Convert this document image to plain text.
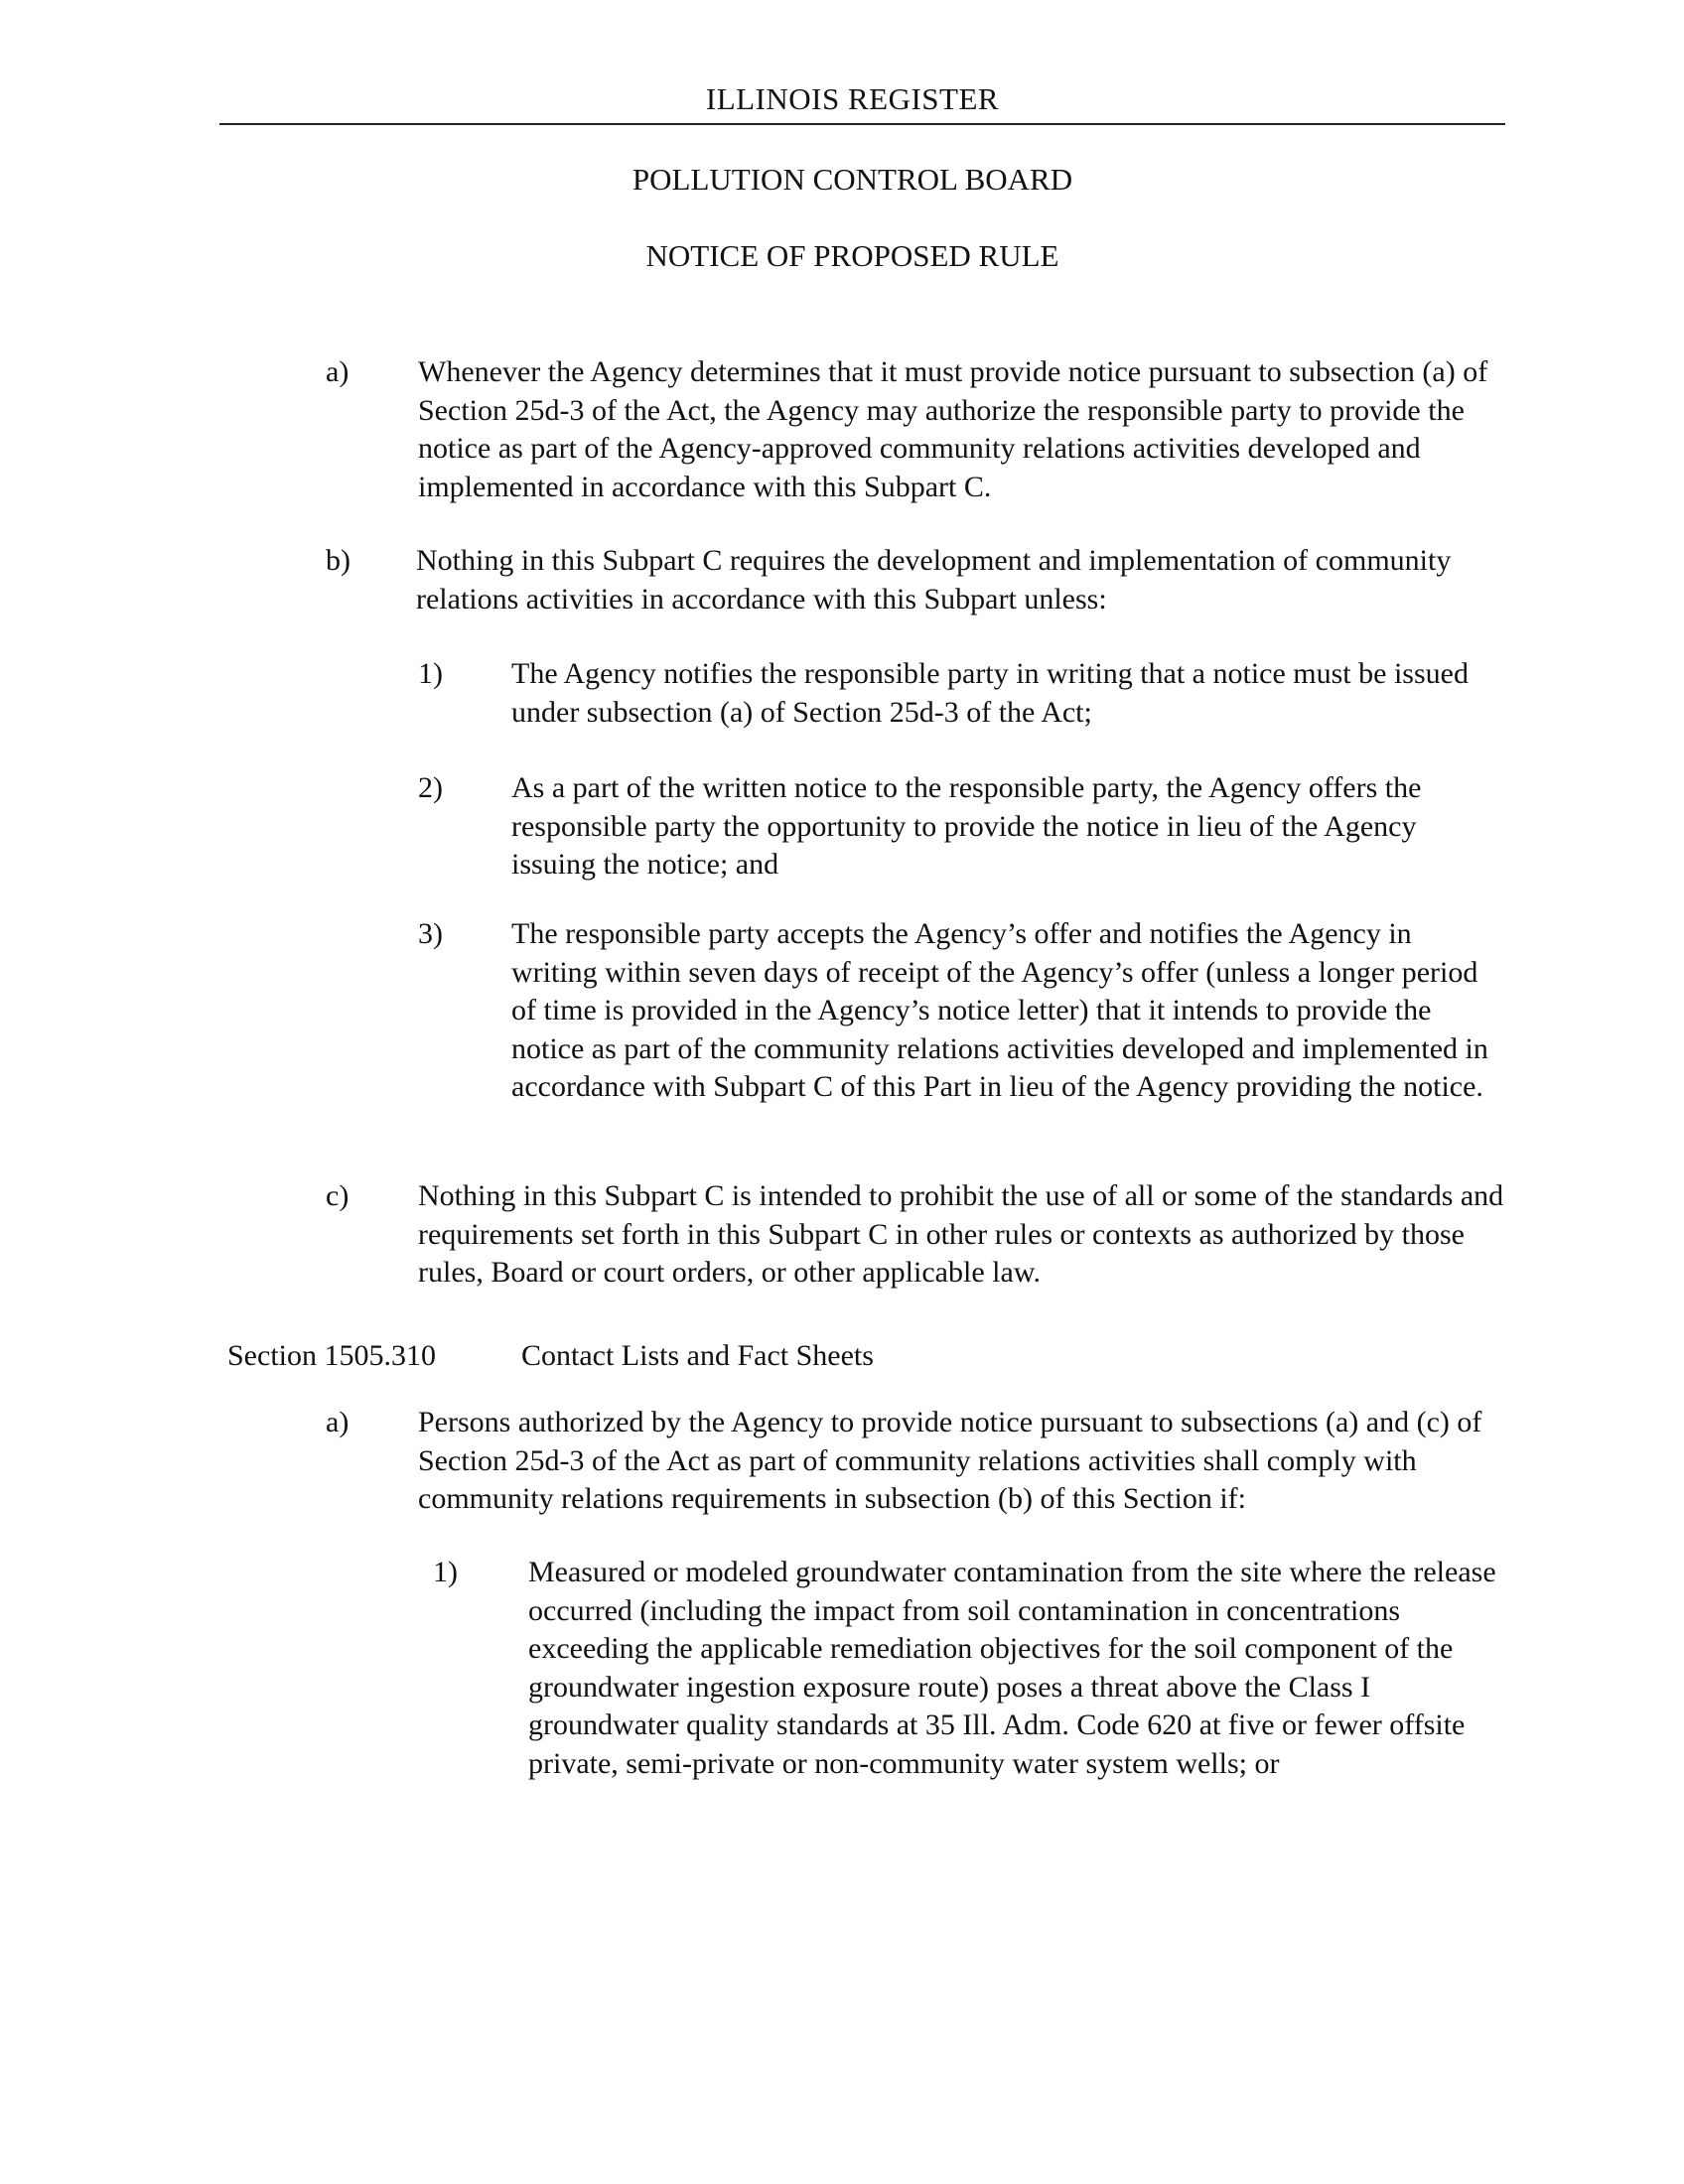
ILLINOIS REGISTER
POLLUTION CONTROL BOARD
NOTICE OF PROPOSED RULE
a) Whenever the Agency determines that it must provide notice pursuant to subsection (a) of Section 25d-3 of the Act, the Agency may authorize the responsible party to provide the notice as part of the Agency-approved community relations activities developed and implemented in accordance with this Subpart C.
b) Nothing in this Subpart C requires the development and implementation of community relations activities in accordance with this Subpart unless:
1) The Agency notifies the responsible party in writing that a notice must be issued under subsection (a) of Section 25d-3 of the Act;
2) As a part of the written notice to the responsible party, the Agency offers the responsible party the opportunity to provide the notice in lieu of the Agency issuing the notice; and
3) The responsible party accepts the Agency’s offer and notifies the Agency in writing within seven days of receipt of the Agency’s offer (unless a longer period of time is provided in the Agency’s notice letter) that it intends to provide the notice as part of the community relations activities developed and implemented in accordance with Subpart C of this Part in lieu of the Agency providing the notice.
c) Nothing in this Subpart C is intended to prohibit the use of all or some of the standards and requirements set forth in this Subpart C in other rules or contexts as authorized by those rules, Board or court orders, or other applicable law.
Section 1505.310	Contact Lists and Fact Sheets
a) Persons authorized by the Agency to provide notice pursuant to subsections (a) and (c) of Section 25d-3 of the Act as part of community relations activities shall comply with community relations requirements in subsection (b) of this Section if:
1) Measured or modeled groundwater contamination from the site where the release occurred (including the impact from soil contamination in concentrations exceeding the applicable remediation objectives for the soil component of the groundwater ingestion exposure route) poses a threat above the Class I groundwater quality standards at 35 Ill. Adm. Code 620 at five or fewer offsite private, semi-private or non-community water system wells; or
